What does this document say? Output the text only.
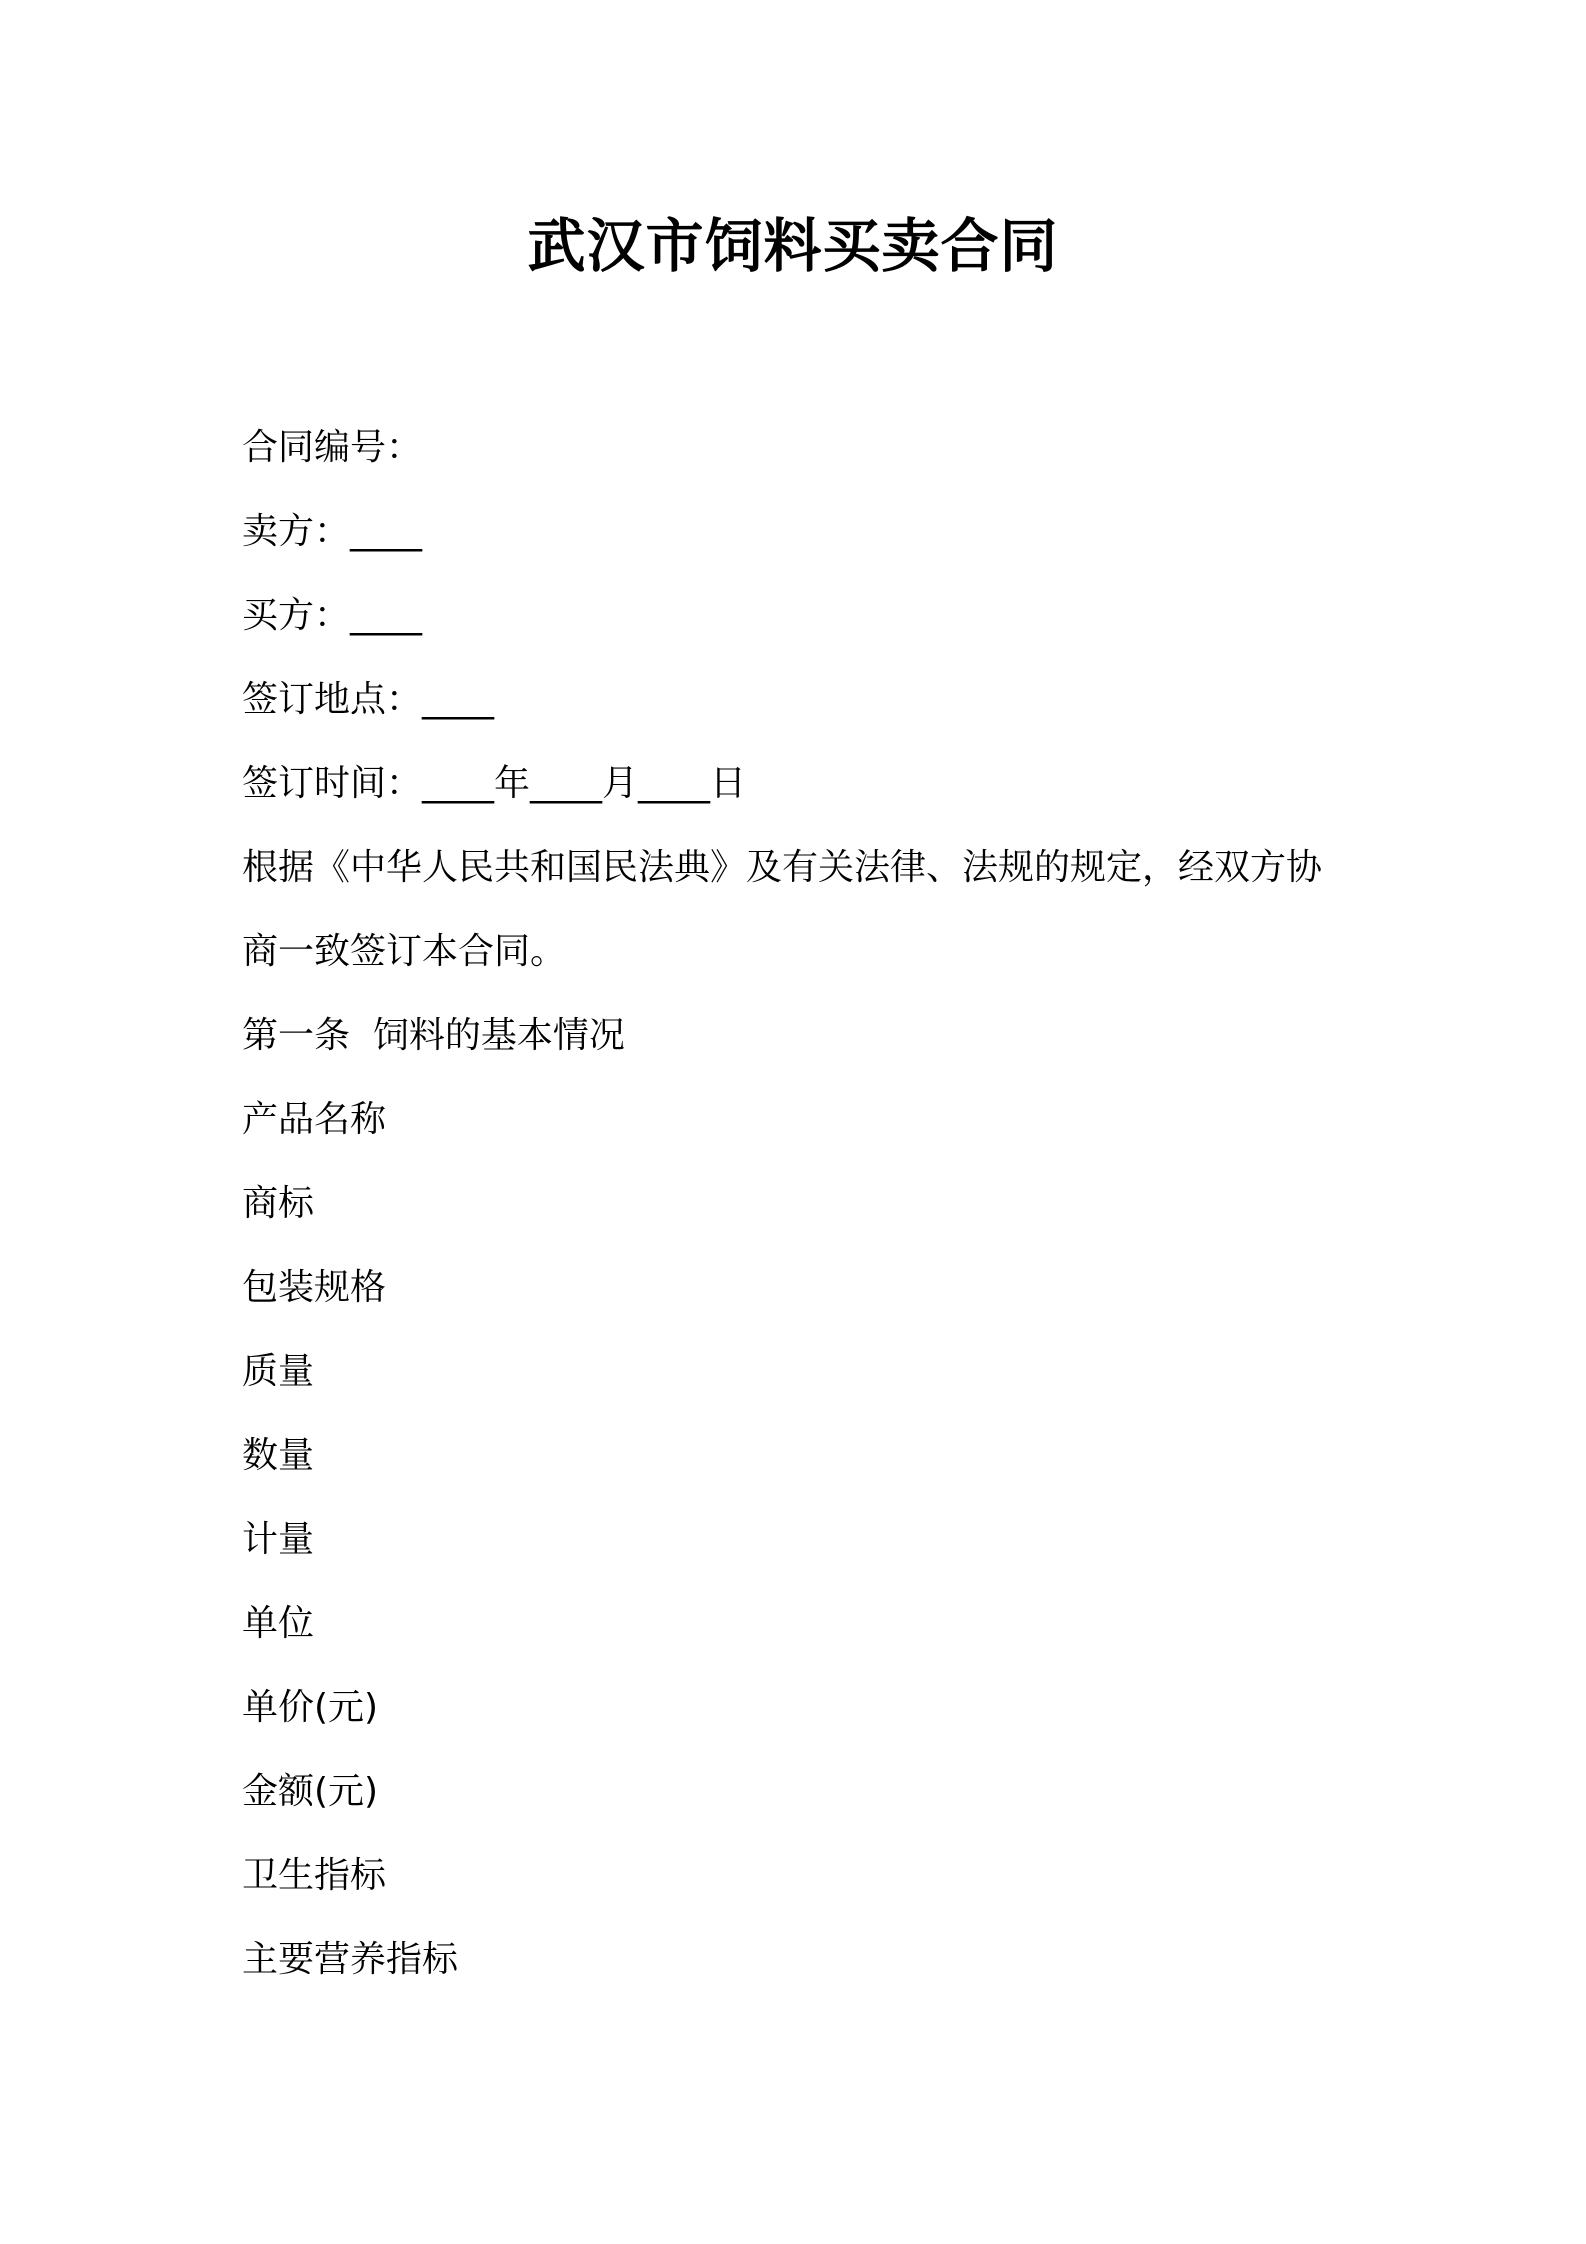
武汉市饲料买卖合同

合同编号：

卖方：____

买方：____

签订地点：____

签订时间：____年____月____日

根据《中华人民共和国民法典》及有关法律、法规的规定，经双方协

商一致签订本合同。

第一条  饲料的基本情况

产品名称

商标

包装规格

质量

数量

计量

单位

单价(元)

金额(元)

卫生指标

主要营养指标
